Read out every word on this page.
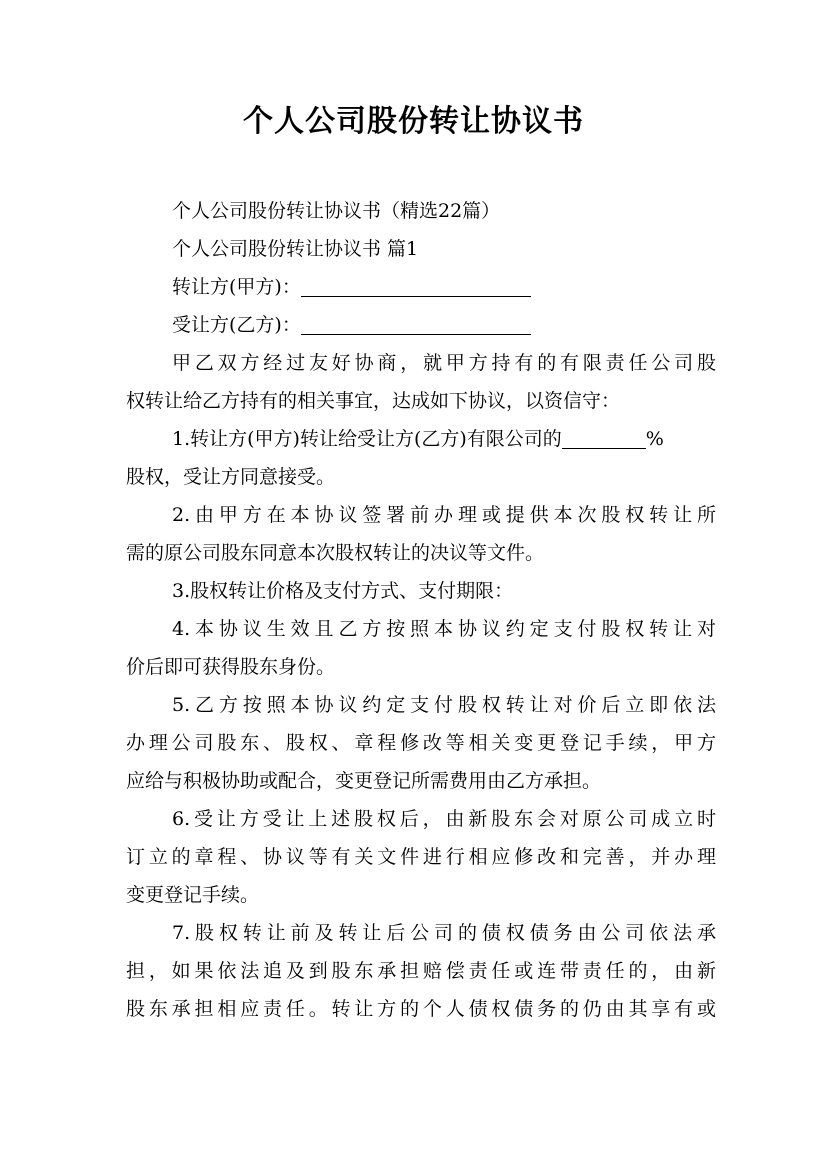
个人公司股份转让协议书
个人公司股份转让协议书（精选22篇）
个人公司股份转让协议书 篇1
转让方(甲方)：
受让方(乙方)：
甲乙双方经过友好协商，就甲方持有的有限责任公司股
权转让给乙方持有的相关事宜，达成如下协议，以资信守：
1.转让方(甲方)转让给受让方(乙方)有限公司的	%
股权，受让方同意接受。
2.由甲方在本协议签署前办理或提供本次股权转让所
需的原公司股东同意本次股权转让的决议等文件。
3.股权转让价格及支付方式、支付期限：
4.本协议生效且乙方按照本协议约定支付股权转让对
价后即可获得股东身份。
5.乙方按照本协议约定支付股权转让对价后立即依法
办理公司股东、股权、章程修改等相关变更登记手续，甲方
应给与积极协助或配合，变更登记所需费用由乙方承担。
6.受让方受让上述股权后，由新股东会对原公司成立时
订立的章程、协议等有关文件进行相应修改和完善，并办理
变更登记手续。
7.股权转让前及转让后公司的债权债务由公司依法承
担，如果依法追及到股东承担赔偿责任或连带责任的，由新
股东承担相应责任。转让方的个人债权债务的仍由其享有或
